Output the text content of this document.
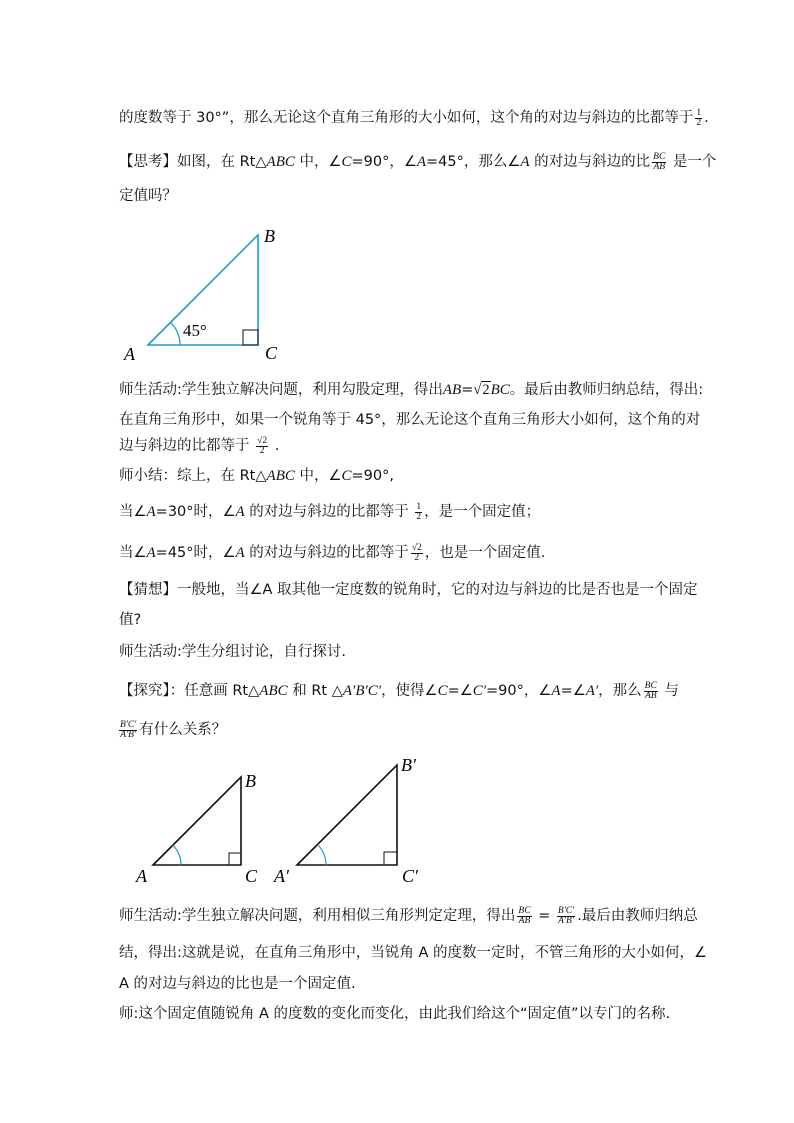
的度数等于 30°”，那么无论这个直角三角形的大小如何，这个角的对边与斜边的比都等于 $\frac{1}{2}$ .
【思考】如图，在 Rt△ABC 中，∠C=90°，∠A=45°，那么∠A 的对边与斜边的比 $\frac{BC}{AB}$ 是一个
定值吗？
A
B
C
45°
师生活动:学生独立解决问题，利用勾股定理，得出AB=√2BC。最后由教师归纳总结，得出:
在直角三角形中，如果一个锐角等于 45°，那么无论这个直角三角形大小如何，这个角的对
边与斜边的比都等于 $\frac{√2}{2}$ .
师小结：综上，在 Rt△ABC 中，∠C=90°,
当∠A=30°时，∠A 的对边与斜边的比都等于 $\frac{1}{2}$ ，是一个固定值；
当∠A=45°时，∠A 的对边与斜边的比都等于 $\frac{√2}{2}$ ，也是一个固定值.
【猜想】一般地，当∠A 取其他一定度数的锐角时，它的对边与斜边的比是否也是一个固定
值?
师生活动:学生分组讨论，自行探讨.
【探究】：任意画 Rt△ABC 和 Rt △A′B′C′，使得∠C=∠C′=90°，∠A=∠A′，那么 $\frac{BC}{AB}$ 与
$\frac{B'C'}{A'B'}$ 有什么关系？
A
B
C A′
B′
C′
师生活动:学生独立解决问题，利用相似三角形判定定理，得出 $\frac{BC}{AB} = \frac{B'C'}{A'B'}$ .最后由教师归纳总
结，得出:这就是说，在直角三角形中，当锐角 A 的度数一定时，不管三角形的大小如何，∠
A 的对边与斜边的比也是一个固定值.
师:这个固定值随锐角 A 的度数的变化而变化，由此我们给这个“固定值”以专门的名称.
